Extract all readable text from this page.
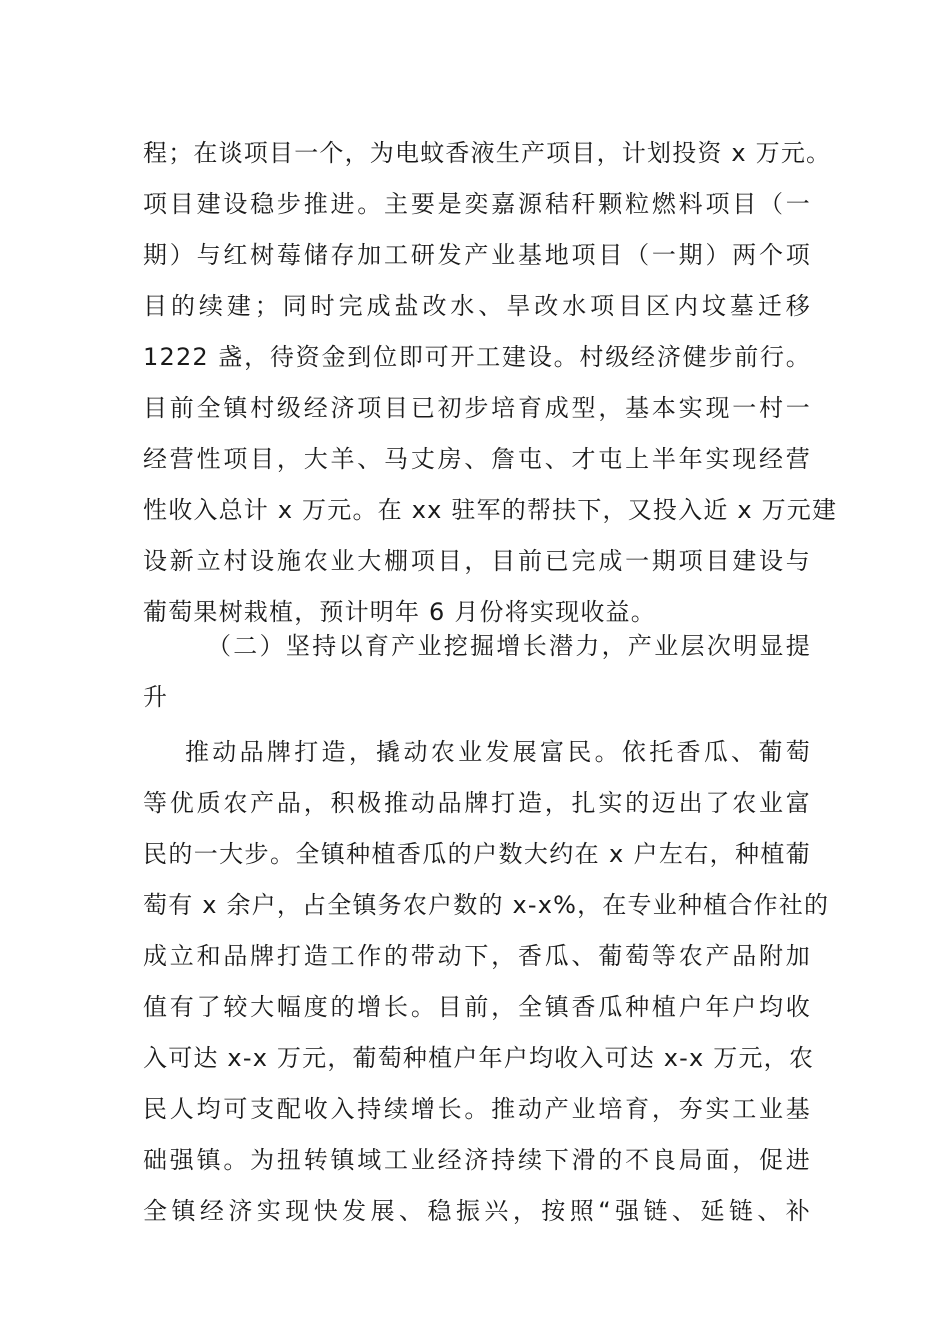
程；在谈项目一个，为电蚊香液生产项目，计划投资 x 万元。
项目建设稳步推进。主要是奕嘉源秸秆颗粒燃料项目（一
期）与红树莓储存加工研发产业基地项目（一期）两个项
目的续建；同时完成盐改水、旱改水项目区内坟墓迁移
1222 盏，待资金到位即可开工建设。村级经济健步前行。
目前全镇村级经济项目已初步培育成型，基本实现一村一
经营性项目，大羊、马丈房、詹屯、才屯上半年实现经营
性收入总计 x 万元。在 xx 驻军的帮扶下，又投入近 x 万元建
设新立村设施农业大棚项目，目前已完成一期项目建设与
葡萄果树栽植，预计明年 6 月份将实现收益。
（二）坚持以育产业挖掘增长潜力，产业层次明显提
升
推动品牌打造，撬动农业发展富民。依托香瓜、葡萄
等优质农产品，积极推动品牌打造，扎实的迈出了农业富
民的一大步。全镇种植香瓜的户数大约在 x 户左右，种植葡
萄有 x 余户，占全镇务农户数的 x-x%，在专业种植合作社的
成立和品牌打造工作的带动下，香瓜、葡萄等农产品附加
值有了较大幅度的增长。目前，全镇香瓜种植户年户均收
入可达 x-x 万元，葡萄种植户年户均收入可达 x-x 万元，农
民人均可支配收入持续增长。推动产业培育，夯实工业基
础强镇。为扭转镇域工业经济持续下滑的不良局面，促进
全镇经济实现快发展、稳振兴，按照“强链、延链、补
